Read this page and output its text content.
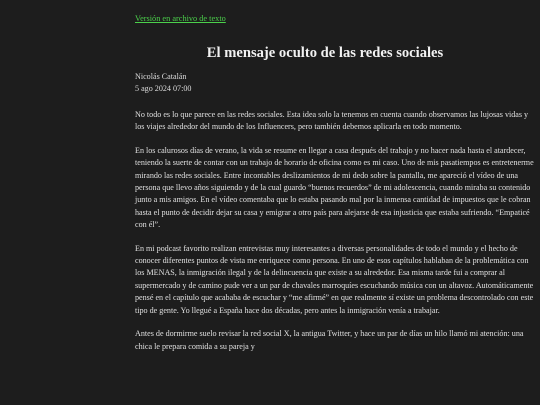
Versión en archivo de texto
El mensaje oculto de las redes sociales
Nicolás Catalán
5 ago 2024 07:00

No todo es lo que parece en las redes sociales. Esta idea solo la tenemos en cuenta cuando observamos las lujosas vidas y los viajes alrededor del mundo de los Influencers, pero también debemos aplicarla en todo momento.

En los calurosos días de verano, la vida se resume en llegar a casa después del trabajo y no hacer nada hasta el atardecer, teniendo la suerte de contar con un trabajo de horario de oficina como es mi caso. Uno de mis pasatiempos es entretenerme mirando las redes sociales. Entre incontables deslizamientos de mi dedo sobre la pantalla, me apareció el vídeo de una persona que llevo años siguiendo y de la cual guardo “buenos recuerdos” de mi adolescencia, cuando miraba su contenido junto a mis amigos. En el vídeo comentaba que lo estaba pasando mal por la inmensa cantidad de impuestos que le cobran hasta el punto de decidir dejar su casa y emigrar a otro país para alejarse de esa injusticia que estaba sufriendo. “Empaticé con él”.

En mi podcast favorito realizan entrevistas muy interesantes a diversas personalidades de todo el mundo y el hecho de conocer diferentes puntos de vista me enriquece como persona. En uno de esos capítulos hablaban de la problemática con los MENAS, la inmigración ilegal y de la delincuencia que existe a su alrededor. Esa misma tarde fui a comprar al supermercado y de camino pude ver a un par de chavales marroquíes escuchando música con un altavoz. Automáticamente pensé en el capítulo que acababa de escuchar y “me afirmé” en que realmente sí existe un problema descontrolado con este tipo de gente. Yo llegué a España hace dos décadas, pero antes la inmigración venía a trabajar.

Antes de dormirme suelo revisar la red social X, la antigua Twitter, y hace un par de días un hilo llamó mi atención: una chica le prepara comida a su pareja y
